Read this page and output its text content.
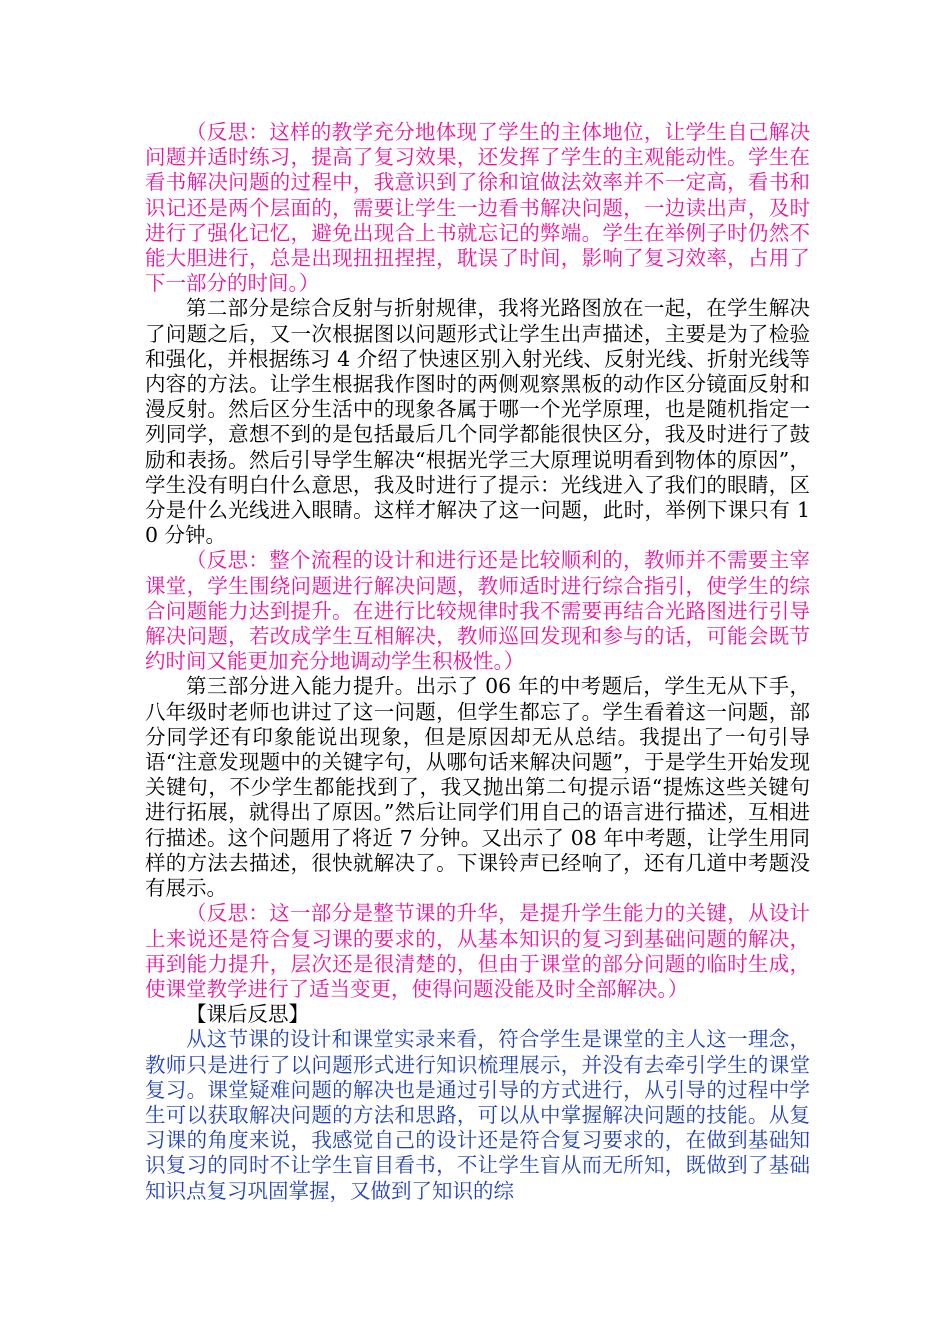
（反思：这样的教学充分地体现了学生的主体地位，让学生自己解决问题并适时练习，提高了复习效果，还发挥了学生的主观能动性。学生在看书解决问题的过程中，我意识到了徐和谊做法效率并不一定高，看书和识记还是两个层面的，需要让学生一边看书解决问题，一边读出声，及时进行了强化记忆，避免出现合上书就忘记的弊端。学生在举例子时仍然不能大胆进行，总是出现扭扭捏捏，耽误了时间，影响了复习效率，占用了下一部分的时间。）

第二部分是综合反射与折射规律，我将光路图放在一起，在学生解决了问题之后，又一次根据图以问题形式让学生出声描述，主要是为了检验和强化，并根据练习 4 介绍了快速区别入射光线、反射光线、折射光线等内容的方法。让学生根据我作图时的两侧观察黑板的动作区分镜面反射和漫反射。然后区分生活中的现象各属于哪一个光学原理，也是随机指定一列同学，意想不到的是包括最后几个同学都能很快区分，我及时进行了鼓励和表扬。然后引导学生解决“根据光学三大原理说明看到物体的原因”，学生没有明白什么意思，我及时进行了提示：光线进入了我们的眼睛，区分是什么光线进入眼睛。这样才解决了这一问题，此时，举例下课只有 10 分钟。

（反思：整个流程的设计和进行还是比较顺利的，教师并不需要主宰课堂，学生围绕问题进行解决问题，教师适时进行综合指引，使学生的综合问题能力达到提升。在进行比较规律时我不需要再结合光路图进行引导解决问题，若改成学生互相解决，教师巡回发现和参与的话，可能会既节约时间又能更加充分地调动学生积极性。）

第三部分进入能力提升。出示了 06 年的中考题后，学生无从下手，八年级时老师也讲过了这一问题，但学生都忘了。学生看着这一问题，部分同学还有印象能说出现象，但是原因却无从总结。我提出了一句引导语“注意发现题中的关键字句，从哪句话来解决问题”，于是学生开始发现关键句，不少学生都能找到了，我又抛出第二句提示语“提炼这些关键句进行拓展，就得出了原因。”然后让同学们用自己的语言进行描述，互相进行描述。这个问题用了将近 7 分钟。又出示了 08 年中考题，让学生用同样的方法去描述，很快就解决了。下课铃声已经响了，还有几道中考题没有展示。

（反思：这一部分是整节课的升华，是提升学生能力的关键，从设计上来说还是符合复习课的要求的，从基本知识的复习到基础问题的解决，再到能力提升，层次还是很清楚的，但由于课堂的部分问题的临时生成，使课堂教学进行了适当变更，使得问题没能及时全部解决。）

【课后反思】

从这节课的设计和课堂实录来看，符合学生是课堂的主人这一理念，教师只是进行了以问题形式进行知识梳理展示，并没有去牵引学生的课堂复习。课堂疑难问题的解决也是通过引导的方式进行，从引导的过程中学生可以获取解决问题的方法和思路，可以从中掌握解决问题的技能。从复习课的角度来说，我感觉自己的设计还是符合复习要求的，在做到基础知识复习的同时不让学生盲目看书，不让学生盲从而无所知，既做到了基础知识点复习巩固掌握，又做到了知识的综
